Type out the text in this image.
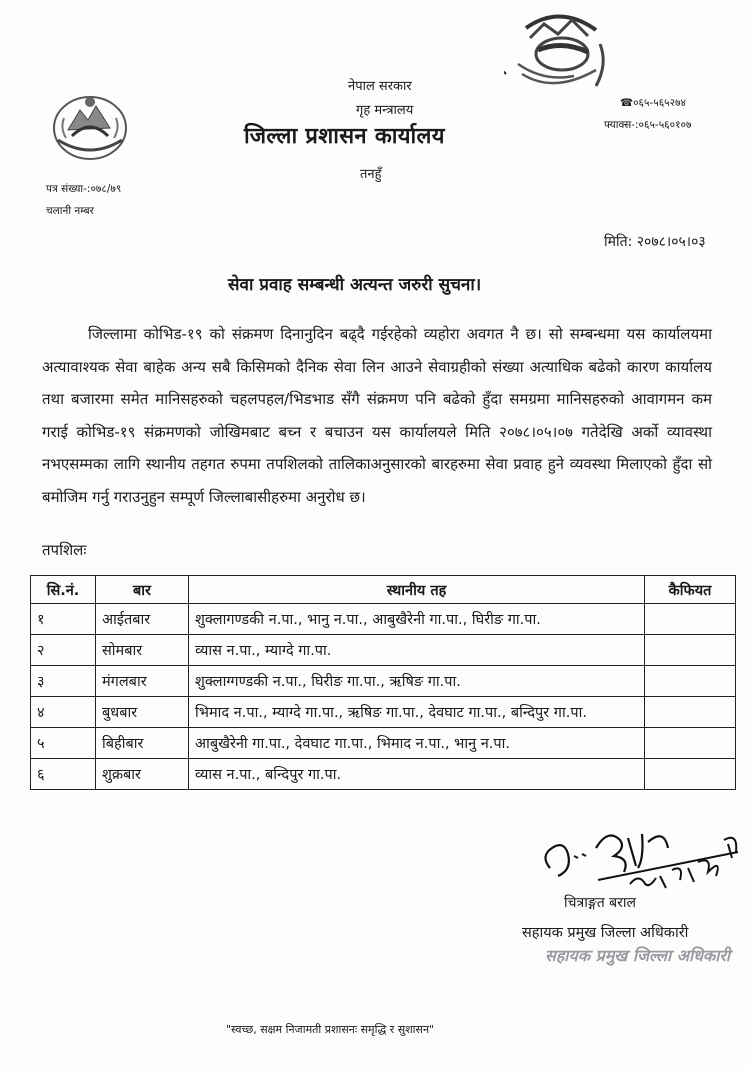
नेपाल सरकार
गृह मन्त्रालय
जिल्ला प्रशासन कार्यालय
तनहुँ
☎०६५-५६५२७४
फ्याक्स-:०६५-५६०१०७
पत्र संख्या-:०७८/७९
चलानी नम्बर
मिति: २०७८।०५।०३
सेवा प्रवाह सम्बन्धी अत्यन्त जरुरी सुचना।
जिल्लामा कोभिड-१९ को संक्रमण दिनानुदिन बढ्दै गईरहेको व्यहोरा अवगत नै छ। सो सम्बन्धमा यस कार्यालयमा अत्यावाश्यक सेवा बाहेक अन्य सबै किसिमको दैनिक सेवा लिन आउने सेवाग्रहीको संख्या अत्याधिक बढेको कारण कार्यालय तथा बजारमा समेत मानिसहरुको चहलपहल/भिडभाड सँगै संक्रमण पनि बढेको हुँदा समग्रमा मानिसहरुको आवागमन कम गराई कोभिड-१९ संक्रमणको जोखिमबाट बच्न र बचाउन यस कार्यालयले मिति २०७८।०५।०७ गतेदेखि अर्को व्यावस्था नभएसम्मका लागि स्थानीय तहगत रुपमा तपशिलको तालिकाअनुसारको बारहरुमा सेवा प्रवाह हुने व्यवस्था मिलाएको हुँदा सो बमोजिम गर्नु गराउनुहुन सम्पूर्ण जिल्लाबासीहरुमा अनुरोध छ।
तपशिलः
सि.नं.	बार	स्थानीय तह	कैफियत
१	आईतबार	शुक्लागण्डकी न.पा., भानु न.पा., आबुखैरेनी गा.पा., घिरीङ गा.पा.	
२	सोमबार	व्यास न.पा., म्याग्दे गा.पा.	
३	मंगलबार	शुक्लाग्गण्डकी न.पा., घिरीङ गा.पा., ऋषिङ गा.पा.	
४	बुधबार	भिमाद न.पा., म्याग्दे गा.पा., ऋषिङ गा.पा., देवघाट गा.पा., बन्दिपुर गा.पा.	
५	बिहीबार	आबुखैरेनी गा.पा., देवघाट गा.पा., भिमाद न.पा., भानु न.पा.	
६	शुक्रबार	व्यास न.पा., बन्दिपुर गा.पा.	
चित्राङ्गत बराल
सहायक प्रमुख जिल्ला अधिकारी
सहायक प्रमुख जिल्ला अधिकारी
"स्वच्छ, सक्षम निजामती प्रशासनः समृद्धि र सुशासन"
